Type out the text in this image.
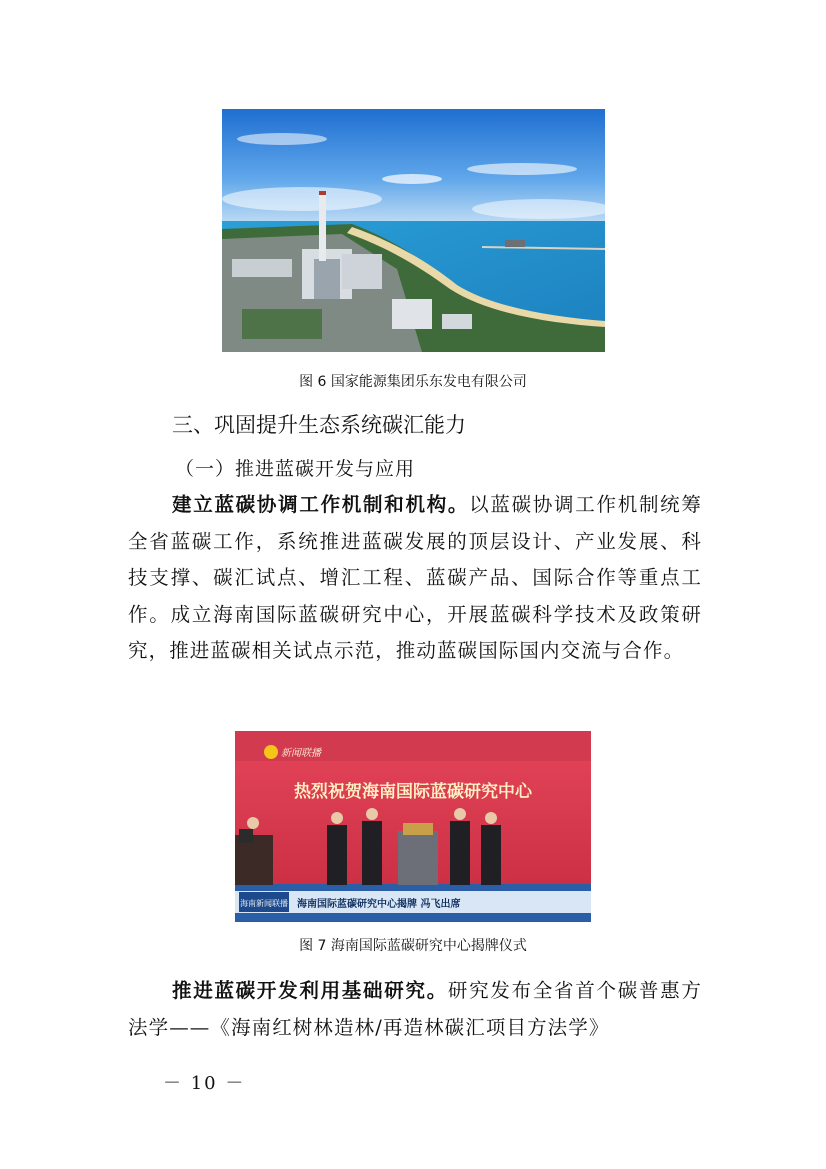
图 6 国家能源集团乐东发电有限公司
三、巩固提升生态系统碳汇能力
（一）推进蓝碳开发与应用
建立蓝碳协调工作机制和机构。以蓝碳协调工作机制统筹全省蓝碳工作，系统推进蓝碳发展的顶层设计、产业发展、科技支撑、碳汇试点、增汇工程、蓝碳产品、国际合作等重点工作。成立海南国际蓝碳研究中心，开展蓝碳科学技术及政策研究，推进蓝碳相关试点示范，推动蓝碳国际国内交流与合作。
新闻联播
热烈祝贺海南国际蓝碳研究中心
海南新闻联播 海南国际蓝碳研究中心揭牌 冯飞出席
图 7 海南国际蓝碳研究中心揭牌仪式
推进蓝碳开发利用基础研究。研究发布全省首个碳普惠方法学——《海南红树林造林/再造林碳汇项目方法学》
－ 10 －
